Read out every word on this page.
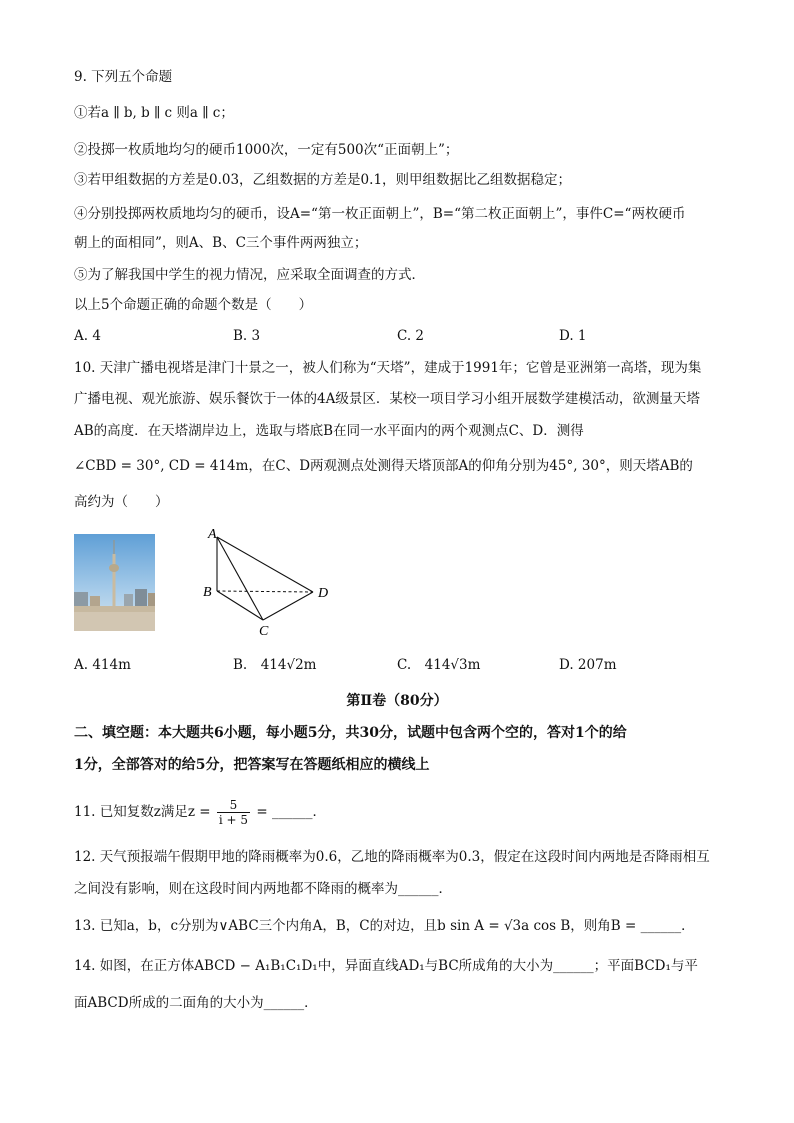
9. 下列五个命题
①若a ∥ b, b ∥ c 则a ∥ c；
②投掷一枚质地均匀的硬币1000次，一定有500次“正面朝上”；
③若甲组数据的方差是0.03，乙组数据的方差是0.1，则甲组数据比乙组数据稳定；
④分别投掷两枚质地均匀的硬币，设A=“第一枚正面朝上”，B=“第二枚正面朝上”，事件C=“两枚硬币
朝上的面相同”，则A、B、C三个事件两两独立；
⑤为了解我国中学生的视力情况，应采取全面调查的方式．
以上5个命题正确的命题个数是（　　）
A. 4	B. 3	C. 2	D. 1
10. 天津广播电视塔是津门十景之一，被人们称为“天塔”，建成于1991年；它曾是亚洲第一高塔，现为集
广播电视、观光旅游、娱乐餐饮于一体的4A级景区．某校一项目学习小组开展数学建模活动，欲测量天塔
AB的高度．在天塔湖岸边上，选取与塔底B在同一水平面内的两个观测点C、D．测得
∠CBD = 30°, CD = 414m，在C、D两观测点处测得天塔顶部A的仰角分别为45°, 30°，则天塔AB的
高约为（　　）
A
B
C
D
A. 414m	B.　414√2m	C.　414√3m	D. 207m
第Ⅱ卷（80分）
二、填空题：本大题共6小题，每小题5分，共30分，试题中包含两个空的，答对1个的给
1分，全部答对的给5分，把答案写在答题纸相应的横线上
11. 已知复数z满足$z = \frac{5}{i + 5}$ = ______．
12. 天气预报端午假期甲地的降雨概率为0.6，乙地的降雨概率为0.3，假定在这段时间内两地是否降雨相互
之间没有影响，则在这段时间内两地都不降雨的概率为______．
13. 已知a，b，c分别为∨ABC三个内角A，B，C的对边，且b sin A = √3a cos B，则角B = ______．
14. 如图，在正方体ABCD − A₁B₁C₁D₁中，异面直线AD₁与BC所成角的大小为______；平面BCD₁与平
面ABCD所成的二面角的大小为______．
